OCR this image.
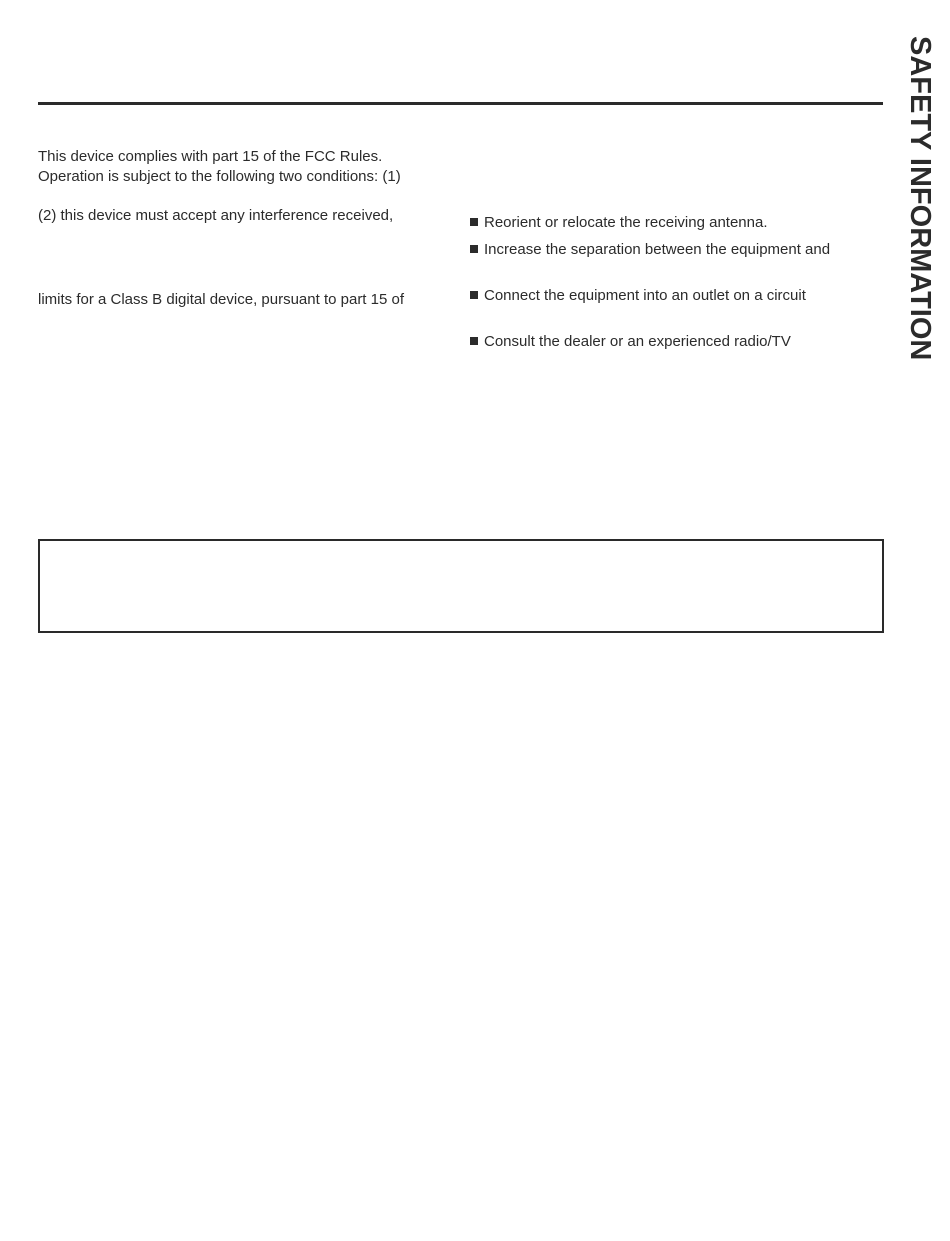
SAFETY INFORMATION
This device complies with part 15 of the FCC Rules.
Operation is subject to the following two conditions: (1)
(2) this device must accept any interference received,
limits for a Class B digital device, pursuant to part 15 of
Reorient or relocate the receiving antenna.
Increase the separation between the equipment and
Connect the equipment into an outlet on a circuit
Consult the dealer or an experienced radio/TV
